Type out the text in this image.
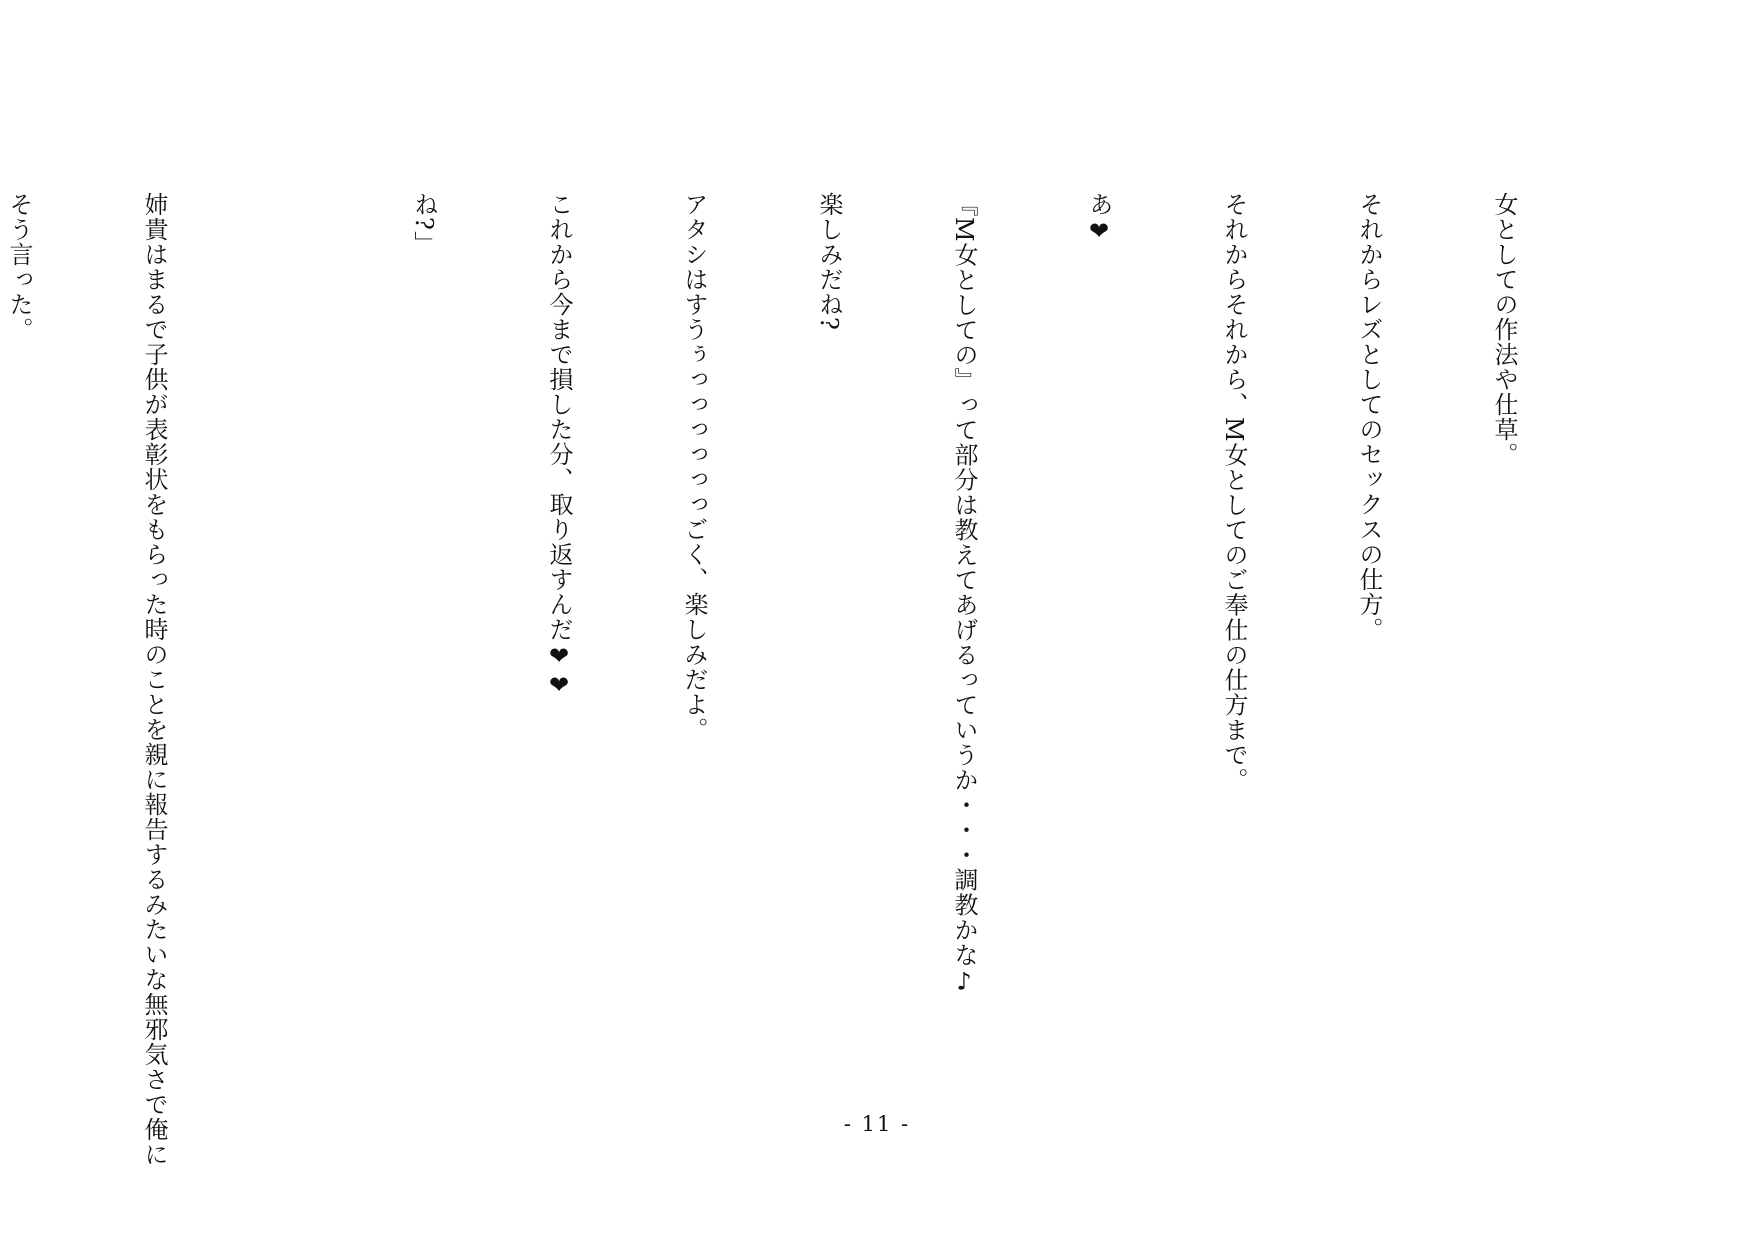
女としての作法や仕草。

それからレズとしてのセックスの仕方。

それからそれから、M女としてのご奉仕の仕方まで。

あ❤

『M女としての』って部分は教えてあげるっていうか・・・調教かな♪

楽しみだね?

アタシはすうぅっっっっっっごく、楽しみだよ。

これから今まで損した分、取り返すんだ❤❤

ね?」

姉貴はまるで子供が表彰状をもらった時のことを親に報告するみたいな無邪気さで俺に

そう言った。

- 11 -
